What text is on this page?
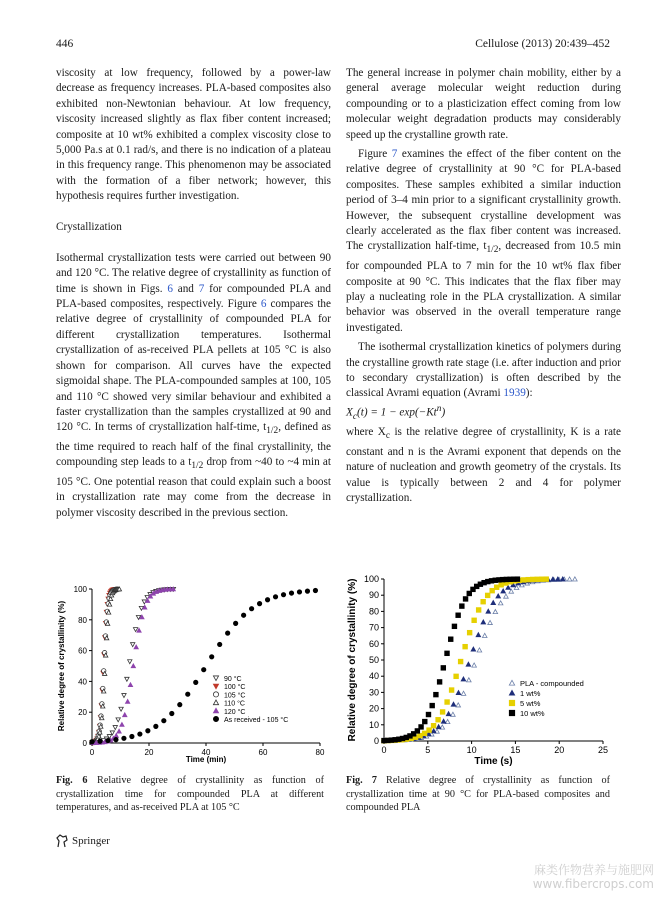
446	Cellulose (2013) 20:439–452

viscosity at low frequency, followed by a power-law decrease as frequency increases. PLA-based composites also exhibited non-Newtonian behaviour. At low frequency, viscosity increased slightly as flax fiber content increased; composite at 10 wt% exhibited a complex viscosity close to 5,000 Pa.s at 0.1 rad/s, and there is no indication of a plateau in this frequency range. This phenomenon may be associated with the formation of a fiber network; however, this hypothesis requires further investigation.

Crystallization

Isothermal crystallization tests were carried out between 90 and 120 °C. The relative degree of crystallinity as function of time is shown in Figs. 6 and 7 for compounded PLA and PLA-based composites, respectively. Figure 6 compares the relative degree of crystallinity of compounded PLA for different crystallization temperatures. Isothermal crystallization of as-received PLA pellets at 105 °C is also shown for comparison. All curves have the expected sigmoidal shape. The PLA-compounded samples at 100, 105 and 110 °C showed very similar behaviour and exhibited a faster crystallization than the samples crystallized at 90 and 120 °C. In terms of crystallization half-time, $t_{1/2}$, defined as the time required to reach half of the final crystallinity, the compounding step leads to a $t_{1/2}$ drop from ~40 to ~4 min at 105 °C. One potential reason that could explain such a boost in crystallization rate may come from the decrease in polymer viscosity described in the previous section.

The general increase in polymer chain mobility, either by a general average molecular weight reduction during compounding or to a plasticization effect coming from low molecular weight degradation products may considerably speed up the crystalline growth rate.

Figure 7 examines the effect of the fiber content on the relative degree of crystallinity at 90 °C for PLA-based composites. These samples exhibited a similar induction period of 3–4 min prior to a significant crystallinity growth. However, the subsequent crystalline development was clearly accelerated as the flax fiber content was increased. The crystallization half-time, $t_{1/2}$, decreased from 10.5 min for compounded PLA to 7 min for the 10 wt% flax fiber composite at 90 °C. This indicates that the flax fiber may play a nucleating role in the PLA crystallization. A similar behavior was observed in the overall temperature range investigated.

The isothermal crystallization kinetics of polymers during the crystalline growth rate stage (i.e. after induction and prior to secondary crystallization) is often described by the classical Avrami equation (Avrami 1939):

$X_c(t) = 1 - \exp(-Kt^n)$

where $X_c$ is the relative degree of crystallinity, K is a rate constant and n is the Avrami exponent that depends on the nature of nucleation and growth geometry of the crystals. Its value is typically between 2 and 4 for polymer crystallization.

0	20	40	60	80
0
20
40
60
80
100
Time (min)
Relative degree of crystallinity (%)	90 °C
100 °C
105 °C
110 °C
120 °C
As received - 105 °C
0	5	10	15	20	25
0
10
20
30
40
50
60
70
80
90
100
Time (s)
Relative degree of crystallinity (%)	PLA - compounded
1 wt%
5 wt%
10 wt%
Fig. 6 Relative degree of crystallinity as function of crystallization time for compounded PLA at different temperatures, and as-received PLA at 105 °C
Fig. 7 Relative degree of crystallinity as function of crystallization time at 90 °C for PLA-based composites and compounded PLA
Springer
麻类作物营养与施肥网
www.fibercrops.com
